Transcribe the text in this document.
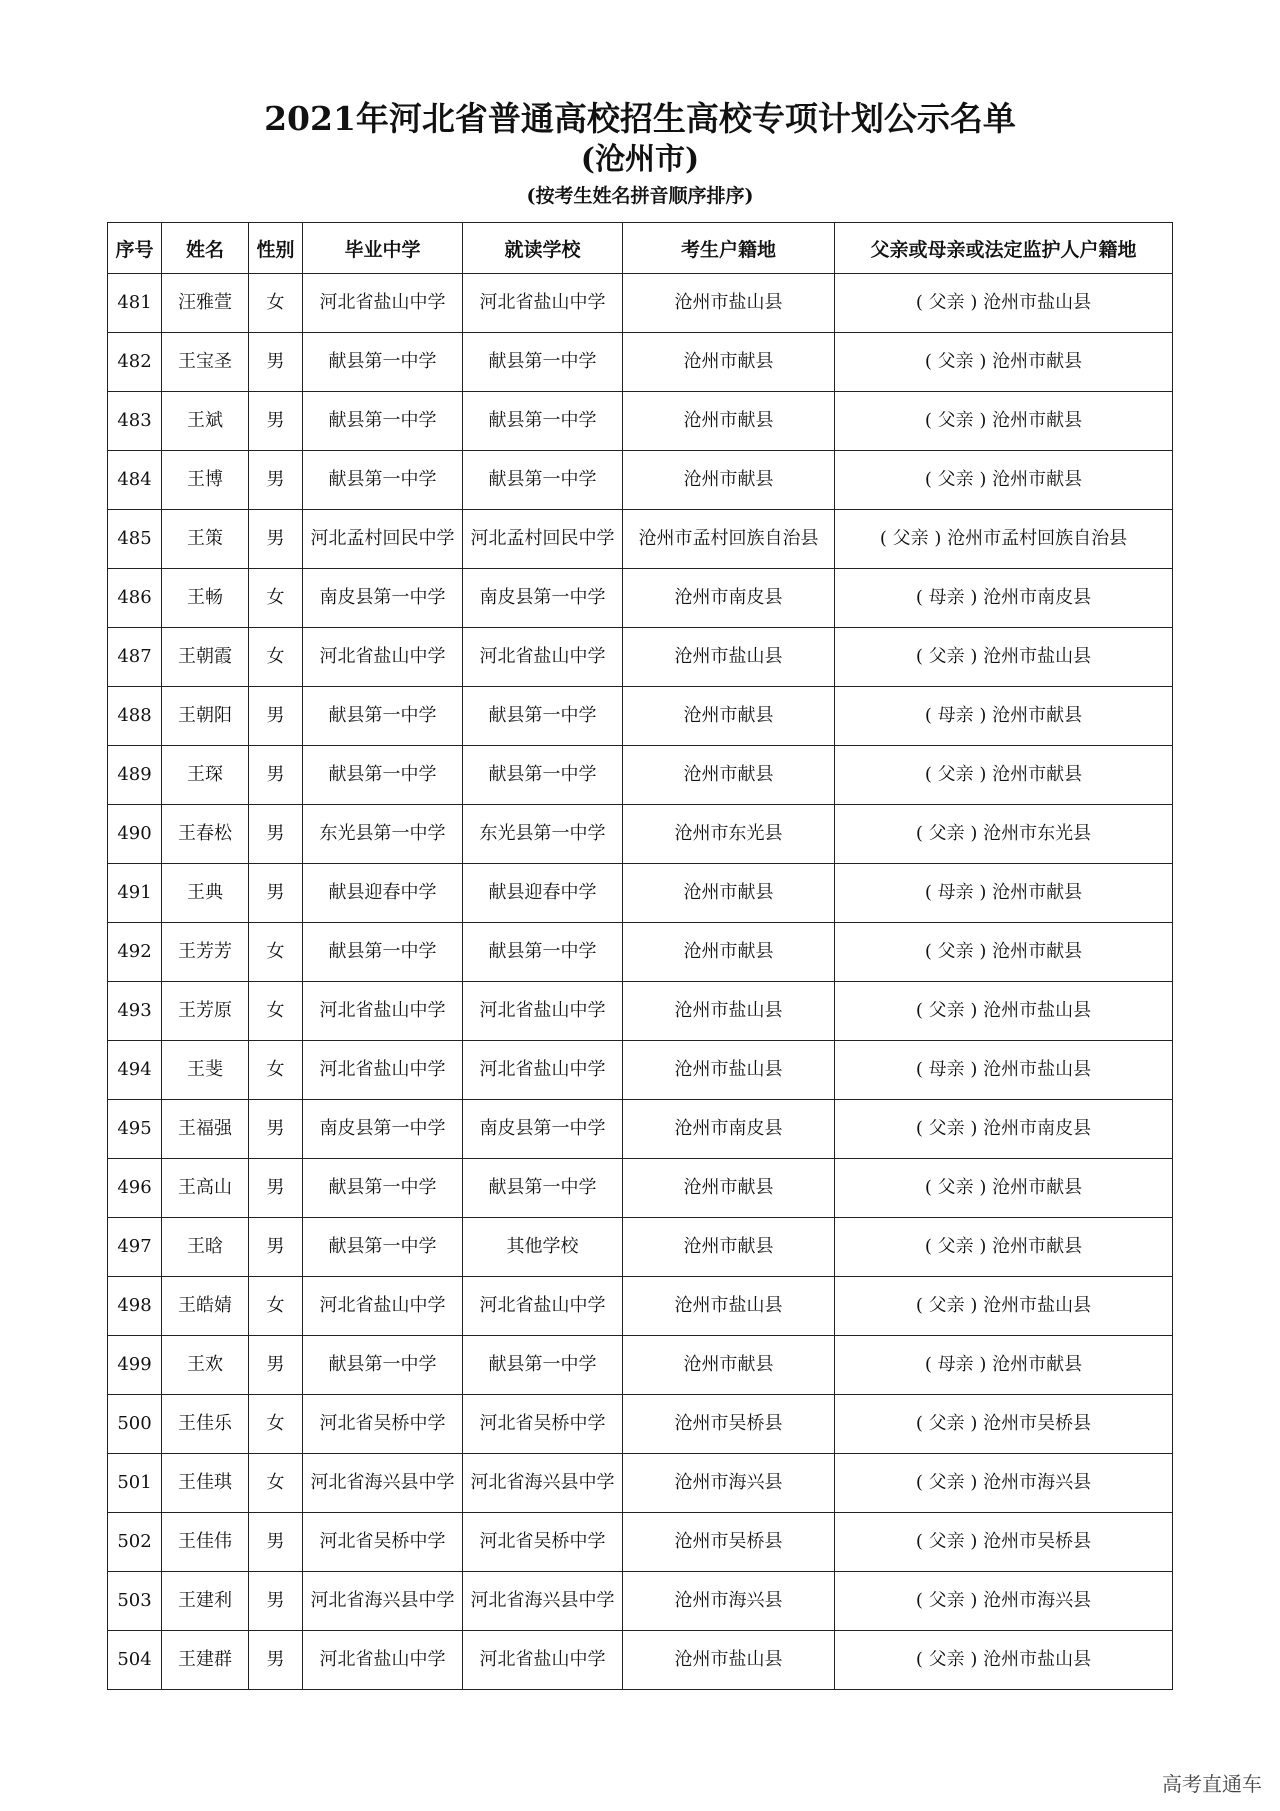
2021年河北省普通高校招生高校专项计划公示名单
(沧州市)
(按考生姓名拼音顺序排序)
序号	姓名	性别	毕业中学	就读学校	考生户籍地	父亲或母亲或法定监护人户籍地
481	汪雅萱	女	河北省盐山中学	河北省盐山中学	沧州市盐山县	( 父亲 ) 沧州市盐山县
482	王宝圣	男	献县第一中学	献县第一中学	沧州市献县	( 父亲 ) 沧州市献县
483	王斌	男	献县第一中学	献县第一中学	沧州市献县	( 父亲 ) 沧州市献县
484	王博	男	献县第一中学	献县第一中学	沧州市献县	( 父亲 ) 沧州市献县
485	王策	男	河北孟村回民中学	河北孟村回民中学	沧州市孟村回族自治县	( 父亲 ) 沧州市孟村回族自治县
486	王畅	女	南皮县第一中学	南皮县第一中学	沧州市南皮县	( 母亲 ) 沧州市南皮县
487	王朝霞	女	河北省盐山中学	河北省盐山中学	沧州市盐山县	( 父亲 ) 沧州市盐山县
488	王朝阳	男	献县第一中学	献县第一中学	沧州市献县	( 母亲 ) 沧州市献县
489	王琛	男	献县第一中学	献县第一中学	沧州市献县	( 父亲 ) 沧州市献县
490	王春松	男	东光县第一中学	东光县第一中学	沧州市东光县	( 父亲 ) 沧州市东光县
491	王典	男	献县迎春中学	献县迎春中学	沧州市献县	( 母亲 ) 沧州市献县
492	王芳芳	女	献县第一中学	献县第一中学	沧州市献县	( 父亲 ) 沧州市献县
493	王芳原	女	河北省盐山中学	河北省盐山中学	沧州市盐山县	( 父亲 ) 沧州市盐山县
494	王斐	女	河北省盐山中学	河北省盐山中学	沧州市盐山县	( 母亲 ) 沧州市盐山县
495	王福强	男	南皮县第一中学	南皮县第一中学	沧州市南皮县	( 父亲 ) 沧州市南皮县
496	王高山	男	献县第一中学	献县第一中学	沧州市献县	( 父亲 ) 沧州市献县
497	王晗	男	献县第一中学	其他学校	沧州市献县	( 父亲 ) 沧州市献县
498	王皓婧	女	河北省盐山中学	河北省盐山中学	沧州市盐山县	( 父亲 ) 沧州市盐山县
499	王欢	男	献县第一中学	献县第一中学	沧州市献县	( 母亲 ) 沧州市献县
500	王佳乐	女	河北省吴桥中学	河北省吴桥中学	沧州市吴桥县	( 父亲 ) 沧州市吴桥县
501	王佳琪	女	河北省海兴县中学	河北省海兴县中学	沧州市海兴县	( 父亲 ) 沧州市海兴县
502	王佳伟	男	河北省吴桥中学	河北省吴桥中学	沧州市吴桥县	( 父亲 ) 沧州市吴桥县
503	王建利	男	河北省海兴县中学	河北省海兴县中学	沧州市海兴县	( 父亲 ) 沧州市海兴县
504	王建群	男	河北省盐山中学	河北省盐山中学	沧州市盐山县	( 父亲 ) 沧州市盐山县
高考直通车
